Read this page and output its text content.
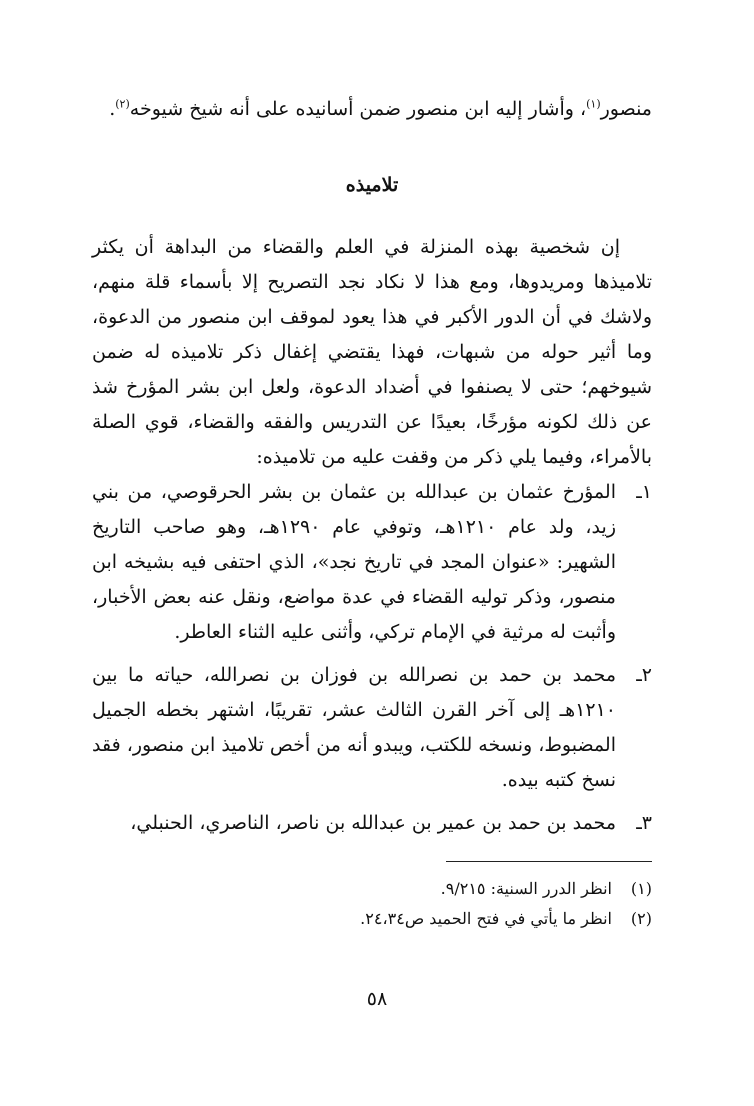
منصور$^{(١)}$، وأشار إليه ابن منصور ضمن أسانيده على أنه شيخ شيوخه$^{(٢)}$.

تلاميذه

إن شخصية بهذه المنزلة في العلم والقضاء من البداهة أن يكثر تلاميذها ومريدوها، ومع هذا لا نكاد نجد التصريح إلا بأسماء قلة منهم، ولاشك في أن الدور الأكبر في هذا يعود لموقف ابن منصور من الدعوة، وما أثير حوله من شبهات، فهذا يقتضي إغفال ذكر تلاميذه له ضمن شيوخهم؛ حتى لا يصنفوا في أضداد الدعوة، ولعل ابن بشر المؤرخ شذ عن ذلك لكونه مؤرخًا، بعيدًا عن التدريس والفقه والقضاء، قوي الصلة بالأمراء، وفيما يلي ذكر من وقفت عليه من تلاميذه:

١ـ
المؤرخ عثمان بن عبدالله بن عثمان بن بشر الحرقوصي، من بني زيد، ولد عام ١٢١٠هـ، وتوفي عام ١٢٩٠هـ، وهو صاحب التاريخ الشهير: «عنوان المجد في تاريخ نجد»، الذي احتفى فيه بشيخه ابن منصور، وذكر توليه القضاء في عدة مواضع، ونقل عنه بعض الأخبار، وأثبت له مرثية في الإمام تركي، وأثنى عليه الثناء العاطر.
٢ـ
محمد بن حمد بن نصرالله بن فوزان بن نصرالله، حياته ما بين ١٢١٠هـ إلى آخر القرن الثالث عشر، تقريبًا، اشتهر بخطه الجميل المضبوط، ونسخه للكتب، ويبدو أنه من أخص تلاميذ ابن منصور، فقد نسخ كتبه بيده.
٣ـ
محمد بن حمد بن عمير بن عبدالله بن ناصر، الناصري، الحنبلي،
(١)
انظر الدرر السنية: ٩/٢١٥.
(٢)
انظر ما يأتي في فتح الحميد ص٢٤،٣٤.

٥٨
